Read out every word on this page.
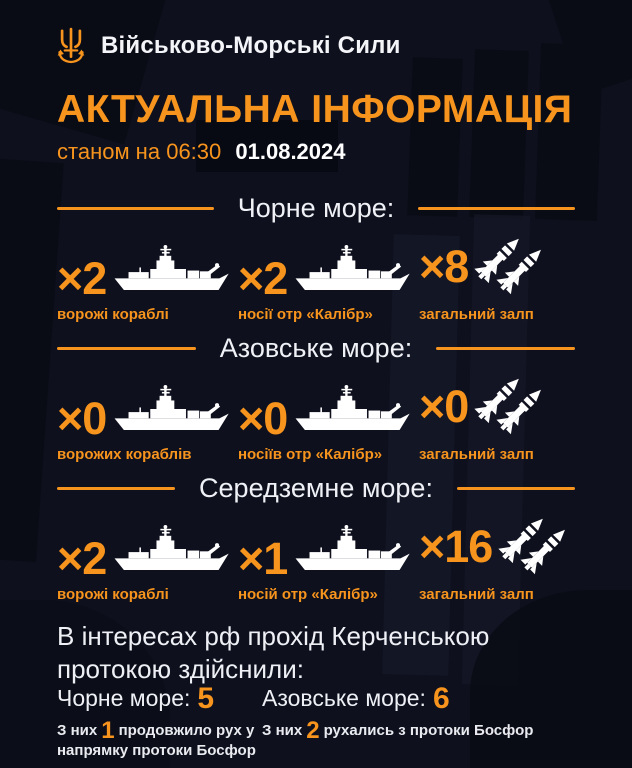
Військово-Морські Сили
АКТУАЛЬНА ІНФОРМАЦІЯ
станом на 06:30 01.08.2024
Чорне море:
×2
ворожі кораблі
×2
носії отр «Калібр»
×8
загальний залп
Азовське море:
×0
ворожих кораблів
×0
носіїв отр «Калібр»
×0
загальний залп
Середземне море:
×2
ворожі кораблі
×1
носій отр «Калібр»
×16
загальний залп
В інтересах рф прохід Керченською протокою здійснили:
Чорне море: 5
З них 1 продовжило рух у напрямку протоки Босфор
Азовське море: 6
З них 2 рухались з протоки Босфор
